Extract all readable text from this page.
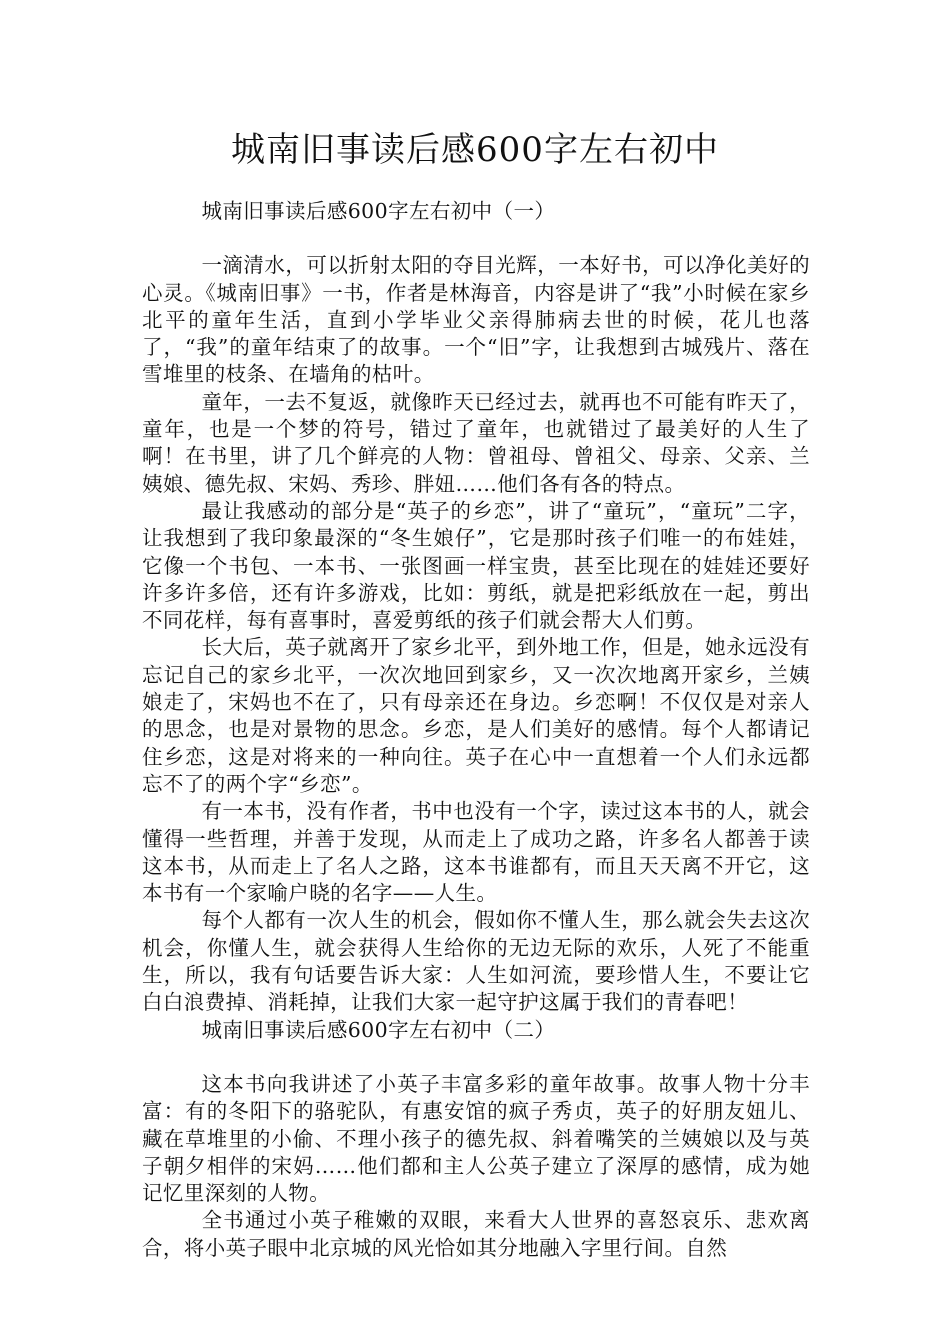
城南旧事读后感600字左右初中

城南旧事读后感600字左右初中（一）

一滴清水，可以折射太阳的夺目光辉，一本好书，可以净化美好的心灵。《城南旧事》一书，作者是林海音，内容是讲了“我”小时候在家乡北平的童年生活，直到小学毕业父亲得肺病去世的时候，花儿也落了，“我”的童年结束了的故事。一个“旧”字，让我想到古城残片、落在雪堆里的枝条、在墙角的枯叶。

童年，一去不复返，就像昨天已经过去，就再也不可能有昨天了，童年，也是一个梦的符号，错过了童年，也就错过了最美好的人生了啊！在书里，讲了几个鲜亮的人物：曾祖母、曾祖父、母亲、父亲、兰姨娘、德先叔、宋妈、秀珍、胖妞……他们各有各的特点。

最让我感动的部分是“英子的乡恋”，讲了“童玩”，“童玩”二字，让我想到了我印象最深的“冬生娘仔”，它是那时孩子们唯一的布娃娃，它像一个书包、一本书、一张图画一样宝贵，甚至比现在的娃娃还要好许多许多倍，还有许多游戏，比如：剪纸，就是把彩纸放在一起，剪出不同花样，每有喜事时，喜爱剪纸的孩子们就会帮大人们剪。

长大后，英子就离开了家乡北平，到外地工作，但是，她永远没有忘记自己的家乡北平，一次次地回到家乡，又一次次地离开家乡，兰姨娘走了，宋妈也不在了，只有母亲还在身边。乡恋啊！不仅仅是对亲人的思念，也是对景物的思念。乡恋，是人们美好的感情。每个人都请记住乡恋，这是对将来的一种向往。英子在心中一直想着一个人们永远都忘不了的两个字“乡恋”。

有一本书，没有作者，书中也没有一个字，读过这本书的人，就会懂得一些哲理，并善于发现，从而走上了成功之路，许多名人都善于读这本书，从而走上了名人之路，这本书谁都有，而且天天离不开它，这本书有一个家喻户晓的名字——人生。

每个人都有一次人生的机会，假如你不懂人生，那么就会失去这次机会，你懂人生，就会获得人生给你的无边无际的欢乐，人死了不能重生，所以，我有句话要告诉大家：人生如河流，要珍惜人生，不要让它白白浪费掉、消耗掉，让我们大家一起守护这属于我们的青春吧！

城南旧事读后感600字左右初中（二）

这本书向我讲述了小英子丰富多彩的童年故事。故事人物十分丰富：有的冬阳下的骆驼队，有惠安馆的疯子秀贞，英子的好朋友妞儿、藏在草堆里的小偷、不理小孩子的德先叔、斜着嘴笑的兰姨娘以及与英子朝夕相伴的宋妈……他们都和主人公英子建立了深厚的感情，成为她记忆里深刻的人物。

全书通过小英子稚嫩的双眼，来看大人世界的喜怒哀乐、悲欢离合，将小英子眼中北京城的风光恰如其分地融入字里行间。自然
